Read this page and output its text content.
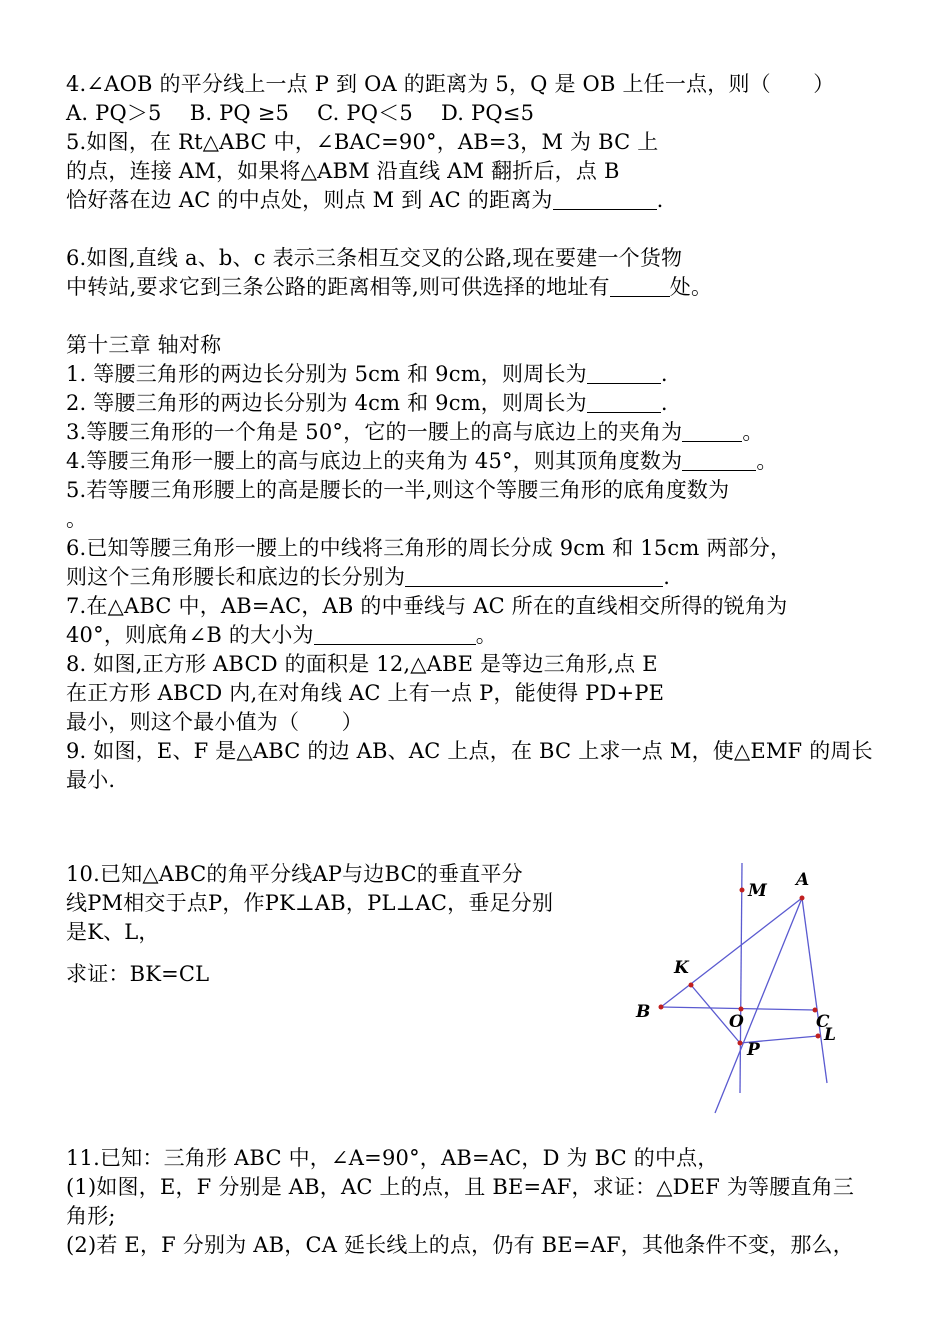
4.∠AOB 的平分线上一点 P 到 OA 的距离为 5，Q 是 OB 上任一点，则（　　）
A. PQ＞5　 B. PQ ≥5　 C. PQ＜5　 D. PQ≤5
5.如图，在 Rt△ABC 中，∠BAC=90°，AB=3，M 为 BC 上
的点，连接 AM，如果将△ABM 沿直线 AM 翻折后，点 B
恰好落在边 AC 的中点处，则点 M 到 AC 的距离为	.
6.如图,直线 a、b、c 表示三条相互交叉的公路,现在要建一个货物
中转站,要求它到三条公路的距离相等,则可供选择的地址有	处。
第十三章 轴对称
1. 等腰三角形的两边长分别为 5cm 和 9cm，则周长为	.
2. 等腰三角形的两边长分别为 4cm 和 9cm，则周长为	.
3.等腰三角形的一个角是 50°，它的一腰上的高与底边上的夹角为	。
4.等腰三角形一腰上的高与底边上的夹角为 45°，则其顶角度数为	。
5.若等腰三角形腰上的高是腰长的一半,则这个等腰三角形的底角度数为
。
6.已知等腰三角形一腰上的中线将三角形的周长分成 9cm 和 15cm 两部分，
则这个三角形腰长和底边的长分别为	.
7.在△ABC 中，AB=AC，AB 的中垂线与 AC 所在的直线相交所得的锐角为
40°，则底角∠B 的大小为	。
8. 如图,正方形 ABCD 的面积是 12,△ABE 是等边三角形,点 E
在正方形 ABCD 内,在对角线 AC 上有一点 P，能使得 PD+PE
最小，则这个最小值为（　　）
9. 如图，E、F 是△ABC 的边 AB、AC 上点，在 BC 上求一点 M，使△EMF 的周长
最小.
10.已知△ABC的角平分线AP与边BC的垂直平分
线PM相交于点P，作PK⊥AB，PL⊥AC，垂足分别
是K、L，
求证：BK=CL
11.已知：三角形 ABC 中，∠A=90°，AB=AC，D 为 BC 的中点，
(1)如图，E，F 分别是 AB，AC 上的点，且 BE=AF，求证：△DEF 为等腰直角三
角形;
(2)若 E，F 分别为 AB，CA 延长线上的点，仍有 BE=AF，其他条件不变，那么，
M
A
K
B	O	C
L
P
